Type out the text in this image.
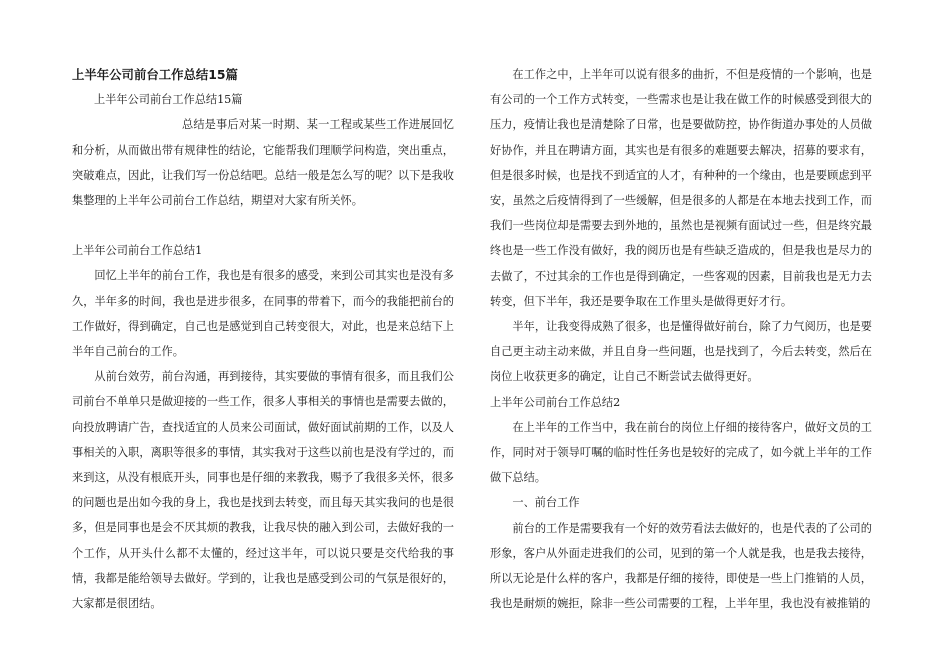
上半年公司前台工作总结15篇

上半年公司前台工作总结15篇

总结是事后对某一时期、某一工程或某些工作进展回忆和分析，从而做出带有规律性的结论，它能帮我们理顺学问构造，突出重点，突破难点，因此，让我们写一份总结吧。总结一般是怎么写的呢？以下是我收集整理的上半年公司前台工作总结，期望对大家有所关怀。

上半年公司前台工作总结1

回忆上半年的前台工作，我也是有很多的感受，来到公司其实也是没有多久，半年多的时间，我也是进步很多，在同事的带着下，而今的我能把前台的工作做好，得到确定，自己也是感觉到自己转变很大，对此，也是来总结下上半年自己前台的工作。

从前台效劳，前台沟通，再到接待，其实要做的事情有很多，而且我们公司前台不单单只是做迎接的一些工作，很多人事相关的事情也是需要去做的，向投放聘请广告，查找适宜的人员来公司面试，做好面试前期的工作，以及人事相关的入职，离职等很多的事情，其实我对于这些以前也是没有学过的，而来到这，从没有根底开头，同事也是仔细的来教我，赐予了我很多关怀，很多的问题也是出如今我的身上，我也是找到去转变，而且每天其实我问的也是很多，但是同事也是会不厌其烦的教我，让我尽快的融入到公司，去做好我的一个工作，从开头什么都不太懂的，经过这半年，可以说只要是交代给我的事情，我都是能给领导去做好。学到的，让我也是感受到公司的气氛是很好的，大家都是很团结。

在工作之中，上半年可以说有很多的曲折，不但是疫情的一个影响，也是有公司的一个工作方式转变，一些需求也是让我在做工作的时候感受到很大的压力，疫情让我也是清楚除了日常，也是要做防控，协作街道办事处的人员做好协作，并且在聘请方面，其实也是有很多的难题要去解决，招募的要求有，但是很多时候，也是找不到适宜的人才，有种种的一个缘由，也是要顾虑到平安，虽然之后疫情得到了一些缓解，但是很多的人都是在本地去找到工作，而我们一些岗位却是需要去到外地的，虽然也是视频有面试过一些，但是终究最终也是一些工作没有做好，我的阅历也是有些缺乏造成的，但是我也是尽力的去做了，不过其余的工作也是得到确定，一些客观的因素，目前我也是无力去转变，但下半年，我还是要争取在工作里头是做得更好才行。

半年，让我变得成熟了很多，也是懂得做好前台，除了力气阅历，也是要自己更主动主动来做，并且自身一些问题，也是找到了，今后去转变，然后在岗位上收获更多的确定，让自己不断尝试去做得更好。

上半年公司前台工作总结2

在上半年的工作当中，我在前台的岗位上仔细的接待客户，做好文员的工作，同时对于领导叮嘱的临时性任务也是较好的完成了，如今就上半年的工作做下总结。

一、前台工作

前台的工作是需要我有一个好的效劳看法去做好的，也是代表的了公司的形象，客户从外面走进我们的公司，见到的第一个人就是我，也是我去接待，所以无论是什么样的客户，我都是仔细的接待，即使是一些上门推销的人员，我也是耐烦的婉拒，除非一些公司需要的工程，上半年里，我也没有被推销的
